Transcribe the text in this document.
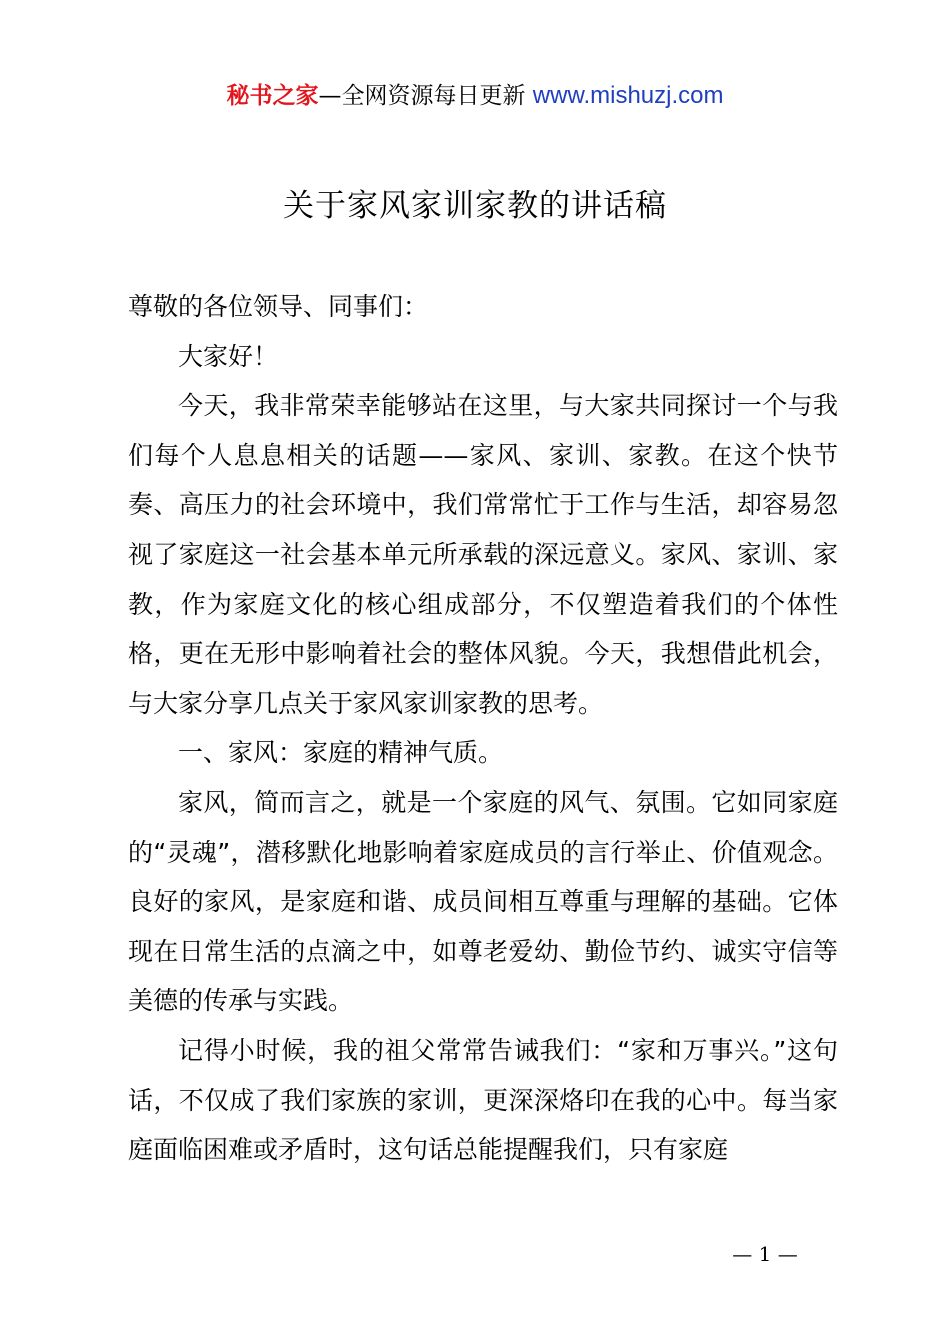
秘书之家—全网资源每日更新 www.mishuzj.com
关于家风家训家教的讲话稿

尊敬的各位领导、同事们：

大家好！

今天，我非常荣幸能够站在这里，与大家共同探讨一个与我们每个人息息相关的话题——家风、家训、家教。在这个快节奏、高压力的社会环境中，我们常常忙于工作与生活，却容易忽视了家庭这一社会基本单元所承载的深远意义。家风、家训、家教，作为家庭文化的核心组成部分，不仅塑造着我们的个体性格，更在无形中影响着社会的整体风貌。今天，我想借此机会，与大家分享几点关于家风家训家教的思考。

一、家风：家庭的精神气质。

家风，简而言之，就是一个家庭的风气、氛围。它如同家庭的“灵魂”，潜移默化地影响着家庭成员的言行举止、价值观念。良好的家风，是家庭和谐、成员间相互尊重与理解的基础。它体现在日常生活的点滴之中，如尊老爱幼、勤俭节约、诚实守信等美德的传承与实践。

记得小时候，我的祖父常常告诫我们：“家和万事兴。”这句话，不仅成了我们家族的家训，更深深烙印在我的心中。每当家庭面临困难或矛盾时，这句话总能提醒我们，只有家庭

— 1 —
